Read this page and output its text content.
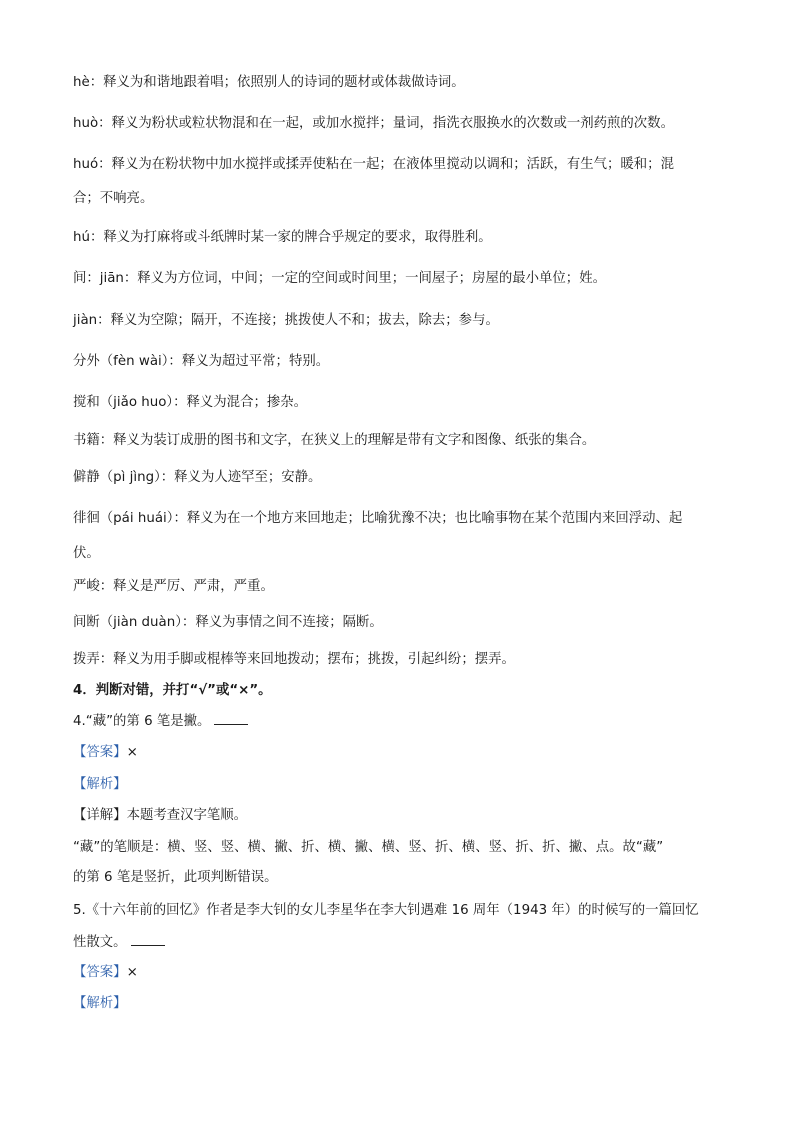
hè：释义为和谐地跟着唱；依照别人的诗词的题材或体裁做诗词。
huò：释义为粉状或粒状物混和在一起，或加水搅拌；量词，指洗衣服换水的次数或一剂药煎的次数。
huó：释义为在粉状物中加水搅拌或揉弄使粘在一起；在液体里搅动以调和；活跃，有生气；暖和；混
合；不响亮。
hú：释义为打麻将或斗纸牌时某一家的牌合乎规定的要求，取得胜利。
间：jiān：释义为方位词，中间；一定的空间或时间里；一间屋子；房屋的最小单位；姓。
jiàn：释义为空隙；隔开，不连接；挑拨使人不和；拔去，除去；参与。
分外（fèn wài）：释义为超过平常；特别。
搅和（jiǎo huo）：释义为混合；掺杂。
书籍：释义为装订成册的图书和文字，在狭义上的理解是带有文字和图像、纸张的集合。
僻静（pì jìng）：释义为人迹罕至；安静。
徘徊（pái huái）：释义为在一个地方来回地走；比喻犹豫不决；也比喻事物在某个范围内来回浮动、起
伏。
严峻：释义是严厉、严肃，严重。
间断（jiàn duàn）：释义为事情之间不连接；隔断。
拨弄：释义为用手脚或棍棒等来回地拨动；摆布；挑拨，引起纠纷；摆弄。
4．判断对错，并打“√”或“×”。
4.“藏”的第 6 笔是撇。
【答案】×
【解析】
【详解】本题考查汉字笔顺。
“藏”的笔顺是：横、竖、竖、横、撇、折、横、撇、横、竖、折、横、竖、折、折、撇、点。故“藏”
的第 6 笔是竖折，此项判断错误。
5.《十六年前的回忆》作者是李大钊的女儿李星华在李大钊遇难 16 周年（1943 年）的时候写的一篇回忆
性散文。
【答案】×
【解析】
